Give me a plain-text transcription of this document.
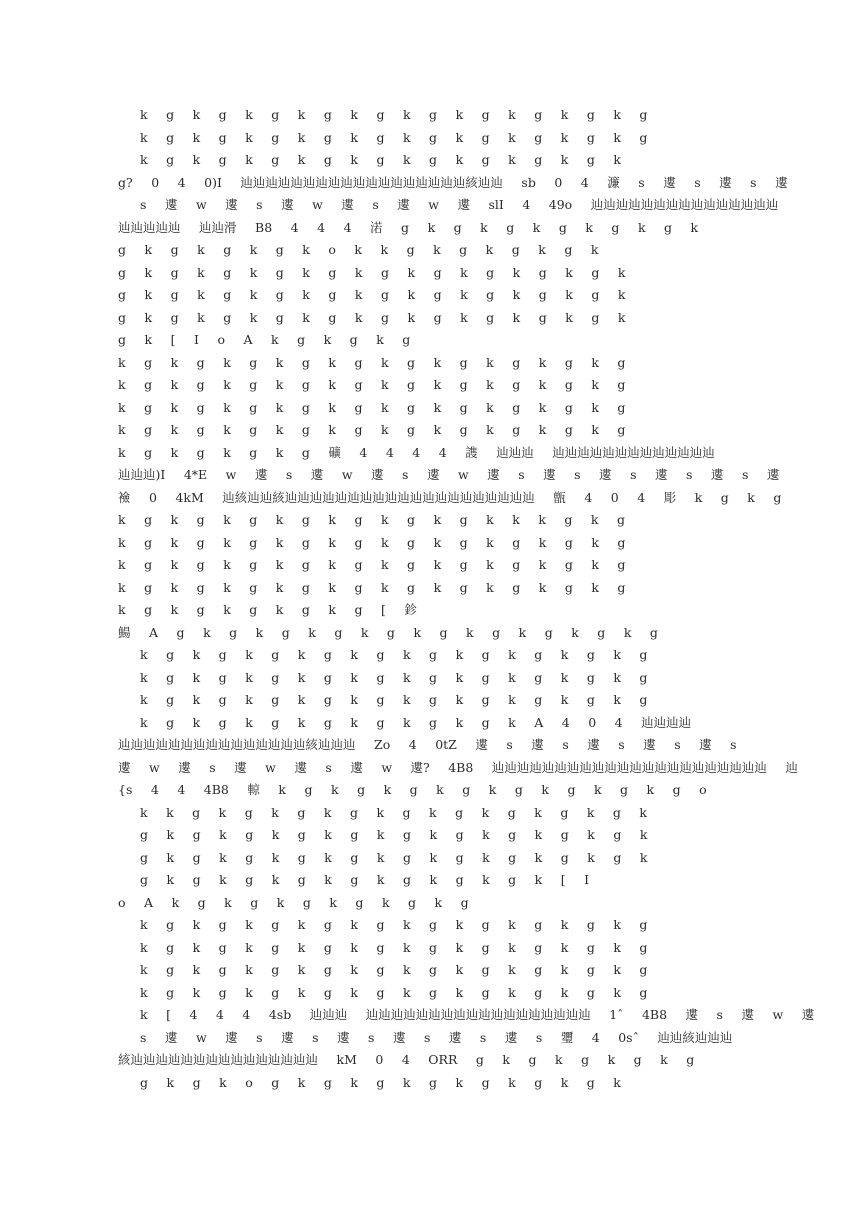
k g k g k g k g k g k g k g k g k g k g
k g k g k g k g k g k g k g k g k g k g
k g k g k g k g k g k g k g k g k g k
g? 0 4 0)I 辿辿辿辿辿辿辿辿辿辿辿辿辿辿辿辿辿辿絯辿辿 sb 0 4 濂 s 遱 s 遱 s 遱
s 遱 w 遱 s 遱 w 遱 s 遱 w 遱 slI 4 49o 辿辿辿辿辿辿辿辿辿辿辿辿辿辿辿
辿辿辿辿辿 辿辿滑 B8 4 4 4 渃 g k g k g k g k g k g k
g k g k g k g k o k k g k g k g k g k
g k g k g k g k g k g k g k g k g k g k
g k g k g k g k g k g k g k g k g k g k
g k g k g k g k g k g k g k g k g k g k
g k [ I o A k g k g k g
k g k g k g k g k g k g k g k g k g k g
k g k g k g k g k g k g k g k g k g k g
k g k g k g k g k g k g k g k g k g k g
k g k g k g k g k g k g k g k g k g k g
k g k g k g k g 礦 4 4 4 4 謢 辿辿辿 辿辿辿辿辿辿辿辿辿辿辿辿辿
辿辿辿)I 4*E w 遱 s 遱 w 遱 s 遱 w 遱 s 遱 s 遱 s 遱 s 遱 s 遱
襝 0 4kM 辿絯辿辿絯辿辿辿辿辿辿辿辿辿辿辿辿辿辿辿辿辿辿辿辿 甑 4 0 4 彫 k g k g
k g k g k g k g k g k g k g k k k g k g
k g k g k g k g k g k g k g k g k g k g
k g k g k g k g k g k g k g k g k g k g
k g k g k g k g k g k g k g k g k g k g
k g k g k g k g k g [ 鉁
鰑 A g k g k g k g k g k g k g k g k g k g
k g k g k g k g k g k g k g k g k g k g
k g k g k g k g k g k g k g k g k g k g
k g k g k g k g k g k g k g k g k g k g
k g k g k g k g k g k g k g k A 4 0 4 辿辿辿辿
辿辿辿辿辿辿辿辿辿辿辿辿辿辿辿絯辿辿辿 Zo 4 0tZ 遱 s 遱 s 遱 s 遱 s 遱 s
遱 w 遱 s 遱 w 遱 s 遱 w 遱? 4B8 辿辿辿辿辿辿辿辿辿辿辿辿辿辿辿辿辿辿辿辿辿辿 辿
{s 4 4 4B8 輬 k g k g k g k g k g k g k g k g o
k k g k g k g k g k g k g k g k g k g k
g k g k g k g k g k g k g k g k g k g k
g k g k g k g k g k g k g k g k g k g k
g k g k g k g k g k g k g k g k [ I
o A k g k g k g k g k g k g
k g k g k g k g k g k g k g k g k g k g
k g k g k g k g k g k g k g k g k g k g
k g k g k g k g k g k g k g k g k g k g
k g k g k g k g k g k g k g k g k g k g
k [ 4 4 4 4sb 辿辿辿 辿辿辿辿辿辿辿辿辿辿辿辿辿辿辿辿辿辿 1ˆ 4B8 遱 s 遱 w 遱
s 遱 w 遱 s 遱 s 遱 s 遱 s 遱 s 遱 s 瓕 4 0sˆ 辿辿絯辿辿辿
絯辿辿辿辿辿辿辿辿辿辿辿辿辿辿辿 kM 0 4 ORR g k g k g k g k g
g k g k o g k g k g k g k g k g k g k
